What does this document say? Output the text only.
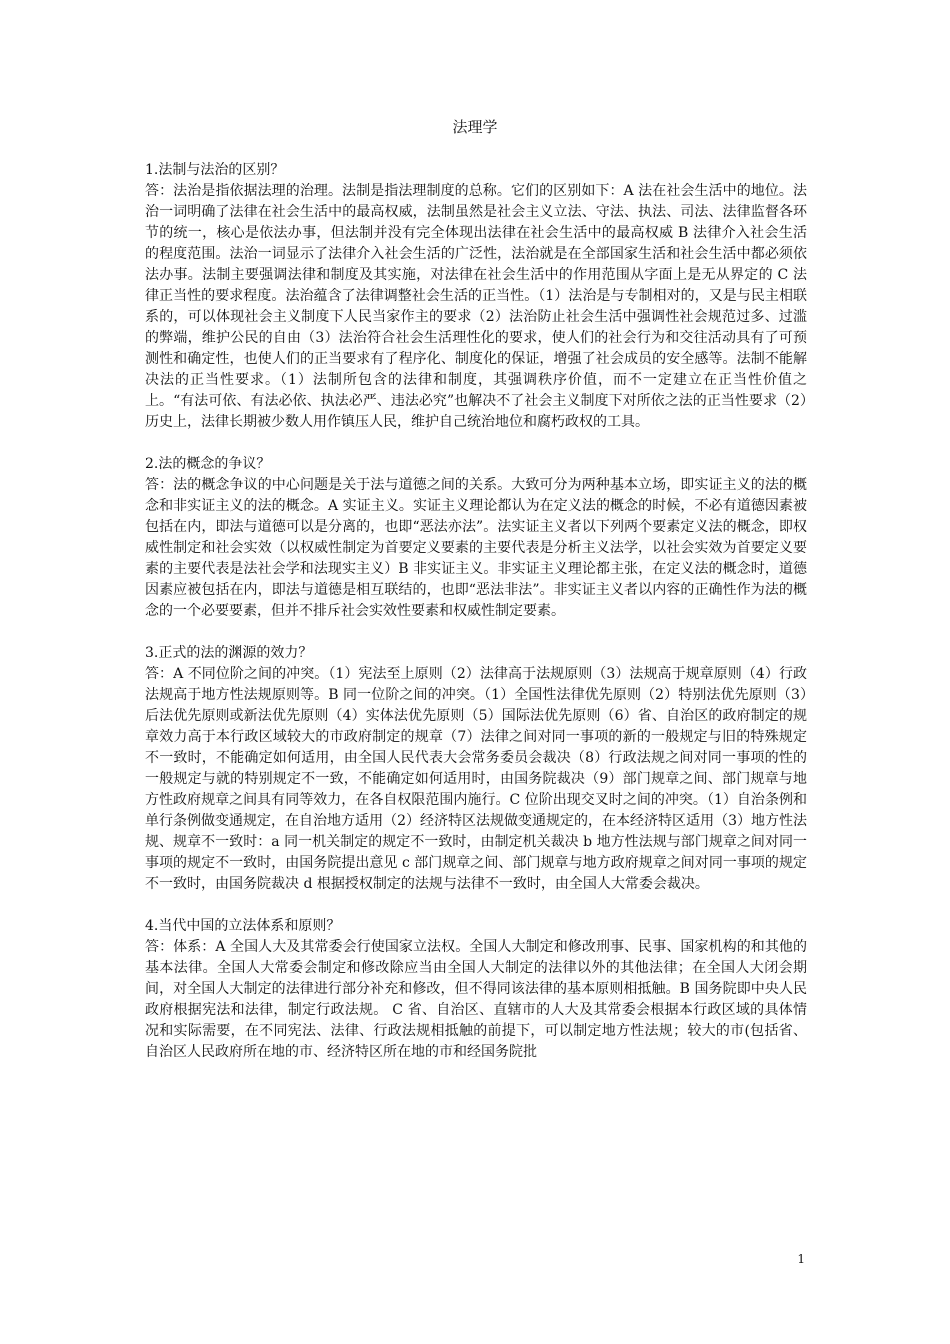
法理学

1.法制与法治的区别？

答：法治是指依据法理的治理。法制是指法理制度的总称。它们的区别如下：A 法在社会生活中的地位。法治一词明确了法律在社会生活中的最高权威，法制虽然是社会主义立法、守法、执法、司法、法律监督各环节的统一，核心是依法办事，但法制并没有完全体现出法律在社会生活中的最高权威 B 法律介入社会生活的程度范围。法治一词显示了法律介入社会生活的广泛性，法治就是在全部国家生活和社会生活中都必须依法办事。法制主要强调法律和制度及其实施，对法律在社会生活中的作用范围从字面上是无从界定的 C 法律正当性的要求程度。法治蕴含了法律调整社会生活的正当性。（1）法治是与专制相对的，又是与民主相联系的，可以体现社会主义制度下人民当家作主的要求（2）法治防止社会生活中强调性社会规范过多、过滥的弊端，维护公民的自由（3）法治符合社会生活理性化的要求，使人们的社会行为和交往活动具有了可预测性和确定性，也使人们的正当要求有了程序化、制度化的保证，增强了社会成员的安全感等。法制不能解决法的正当性要求。（1）法制所包含的法律和制度，其强调秩序价值，而不一定建立在正当性价值之上。“有法可依、有法必依、执法必严、违法必究”也解决不了社会主义制度下对所依之法的正当性要求（2）历史上，法律长期被少数人用作镇压人民，维护自己统治地位和腐朽政权的工具。

2.法的概念的争议？

答：法的概念争议的中心问题是关于法与道德之间的关系。大致可分为两种基本立场，即实证主义的法的概念和非实证主义的法的概念。A 实证主义。实证主义理论都认为在定义法的概念的时候，不必有道德因素被包括在内，即法与道德可以是分离的，也即“恶法亦法”。法实证主义者以下列两个要素定义法的概念，即权威性制定和社会实效（以权威性制定为首要定义要素的主要代表是分析主义法学，以社会实效为首要定义要素的主要代表是法社会学和法现实主义）B 非实证主义。非实证主义理论都主张，在定义法的概念时，道德因素应被包括在内，即法与道德是相互联结的，也即“恶法非法”。非实证主义者以内容的正确性作为法的概念的一个必要要素，但并不排斥社会实效性要素和权威性制定要素。

3.正式的法的渊源的效力？

答：A 不同位阶之间的冲突。（1）宪法至上原则（2）法律高于法规原则（3）法规高于规章原则（4）行政法规高于地方性法规原则等。B 同一位阶之间的冲突。（1）全国性法律优先原则（2）特别法优先原则（3）后法优先原则或新法优先原则（4）实体法优先原则（5）国际法优先原则（6）省、自治区的政府制定的规章效力高于本行政区域较大的市政府制定的规章（7）法律之间对同一事项的新的一般规定与旧的特殊规定不一致时，不能确定如何适用，由全国人民代表大会常务委员会裁决（8）行政法规之间对同一事项的性的一般规定与就的特别规定不一致，不能确定如何适用时，由国务院裁决（9）部门规章之间、部门规章与地方性政府规章之间具有同等效力，在各自权限范围内施行。C 位阶出现交叉时之间的冲突。（1）自治条例和单行条例做变通规定，在自治地方适用（2）经济特区法规做变通规定的，在本经济特区适用（3）地方性法规、规章不一致时：a 同一机关制定的规定不一致时，由制定机关裁决 b 地方性法规与部门规章之间对同一事项的规定不一致时，由国务院提出意见 c 部门规章之间、部门规章与地方政府规章之间对同一事项的规定不一致时，由国务院裁决 d 根据授权制定的法规与法律不一致时，由全国人大常委会裁决。

4.当代中国的立法体系和原则？

答：体系：A 全国人大及其常委会行使国家立法权。全国人大制定和修改刑事、民事、国家机构的和其他的基本法律。全国人大常委会制定和修改除应当由全国人大制定的法律以外的其他法律；在全国人大闭会期间，对全国人大制定的法律进行部分补充和修改，但不得同该法律的基本原则相抵触。B 国务院即中央人民政府根据宪法和法律，制定行政法规。 C 省、自治区、直辖市的人大及其常委会根据本行政区域的具体情况和实际需要，在不同宪法、法律、行政法规相抵触的前提下，可以制定地方性法规；较大的市(包括省、自治区人民政府所在地的市、经济特区所在地的市和经国务院批

1
